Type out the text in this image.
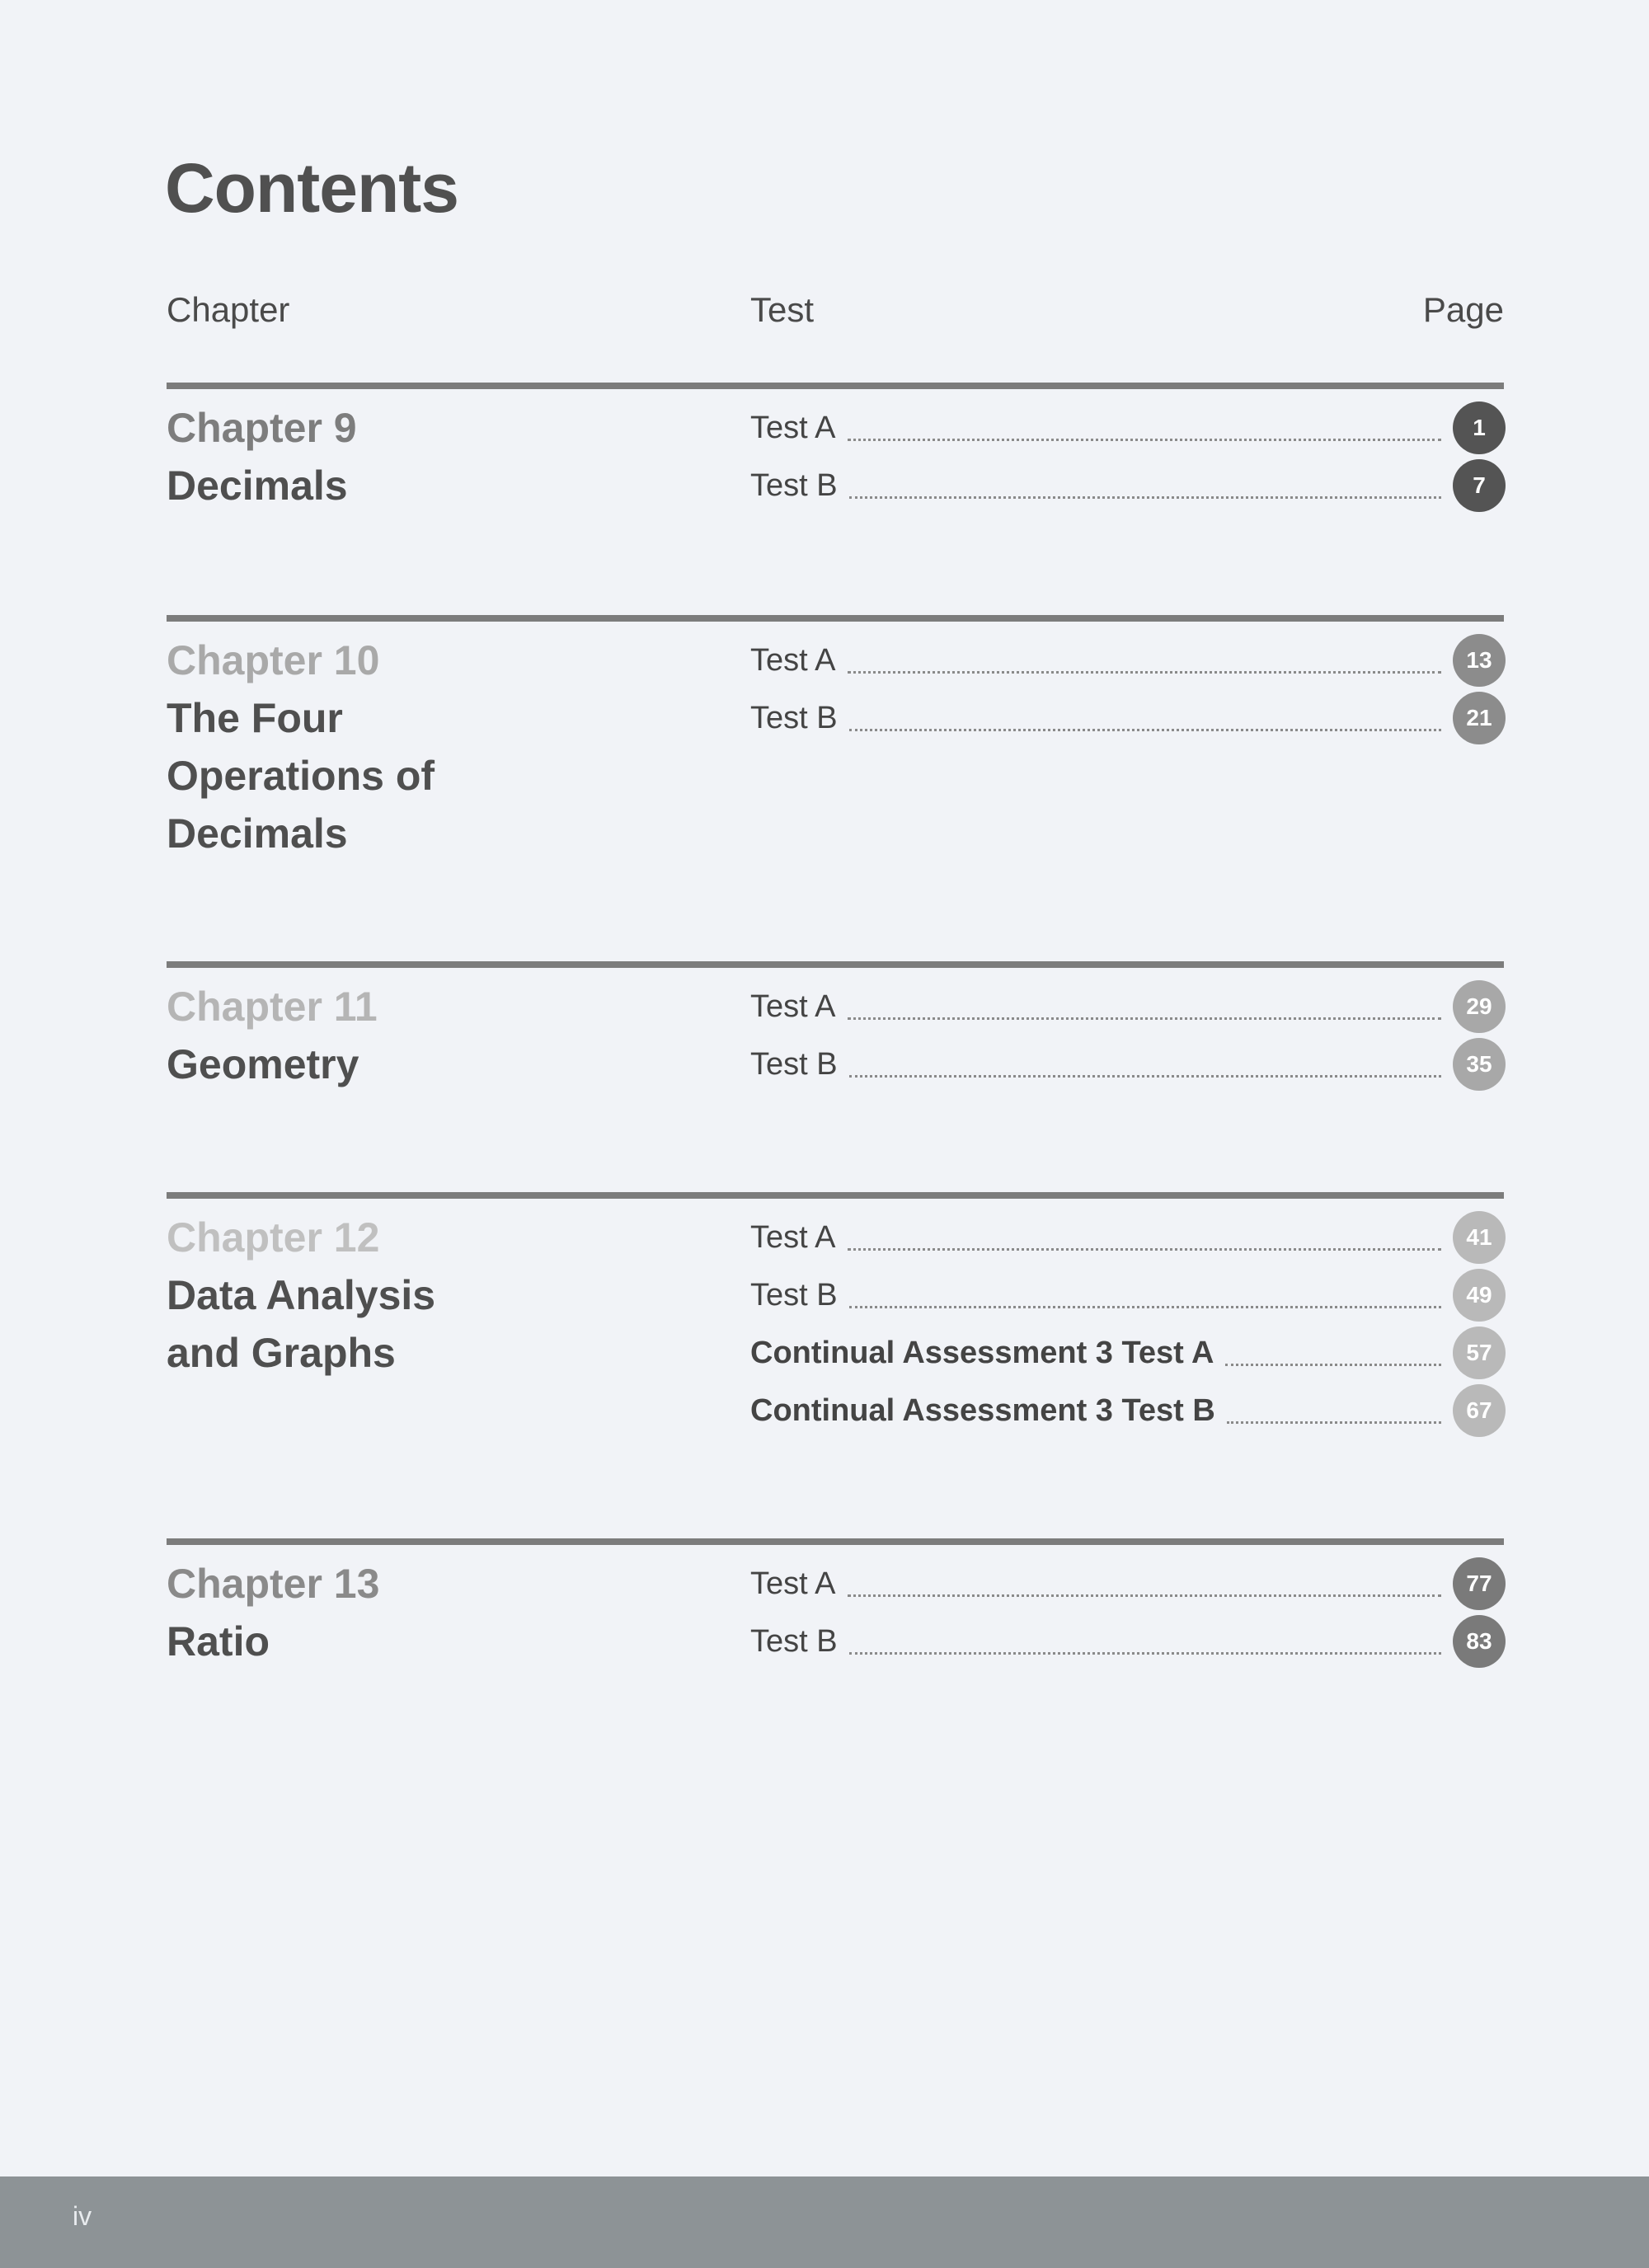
Contents
Chapter	Test	Page
Chapter 9
Decimals
Test A	1
Test B	7
Chapter 10
The Four
Operations of
Decimals
Test A	13
Test B	21
Chapter 11
Geometry
Test A	29
Test B	35
Chapter 12
Data Analysis
and Graphs
Test A	41
Test B	49
Continual Assessment 3 Test A	57
Continual Assessment 3 Test B	67
Chapter 13
Ratio
Test A	77
Test B	83
iv
